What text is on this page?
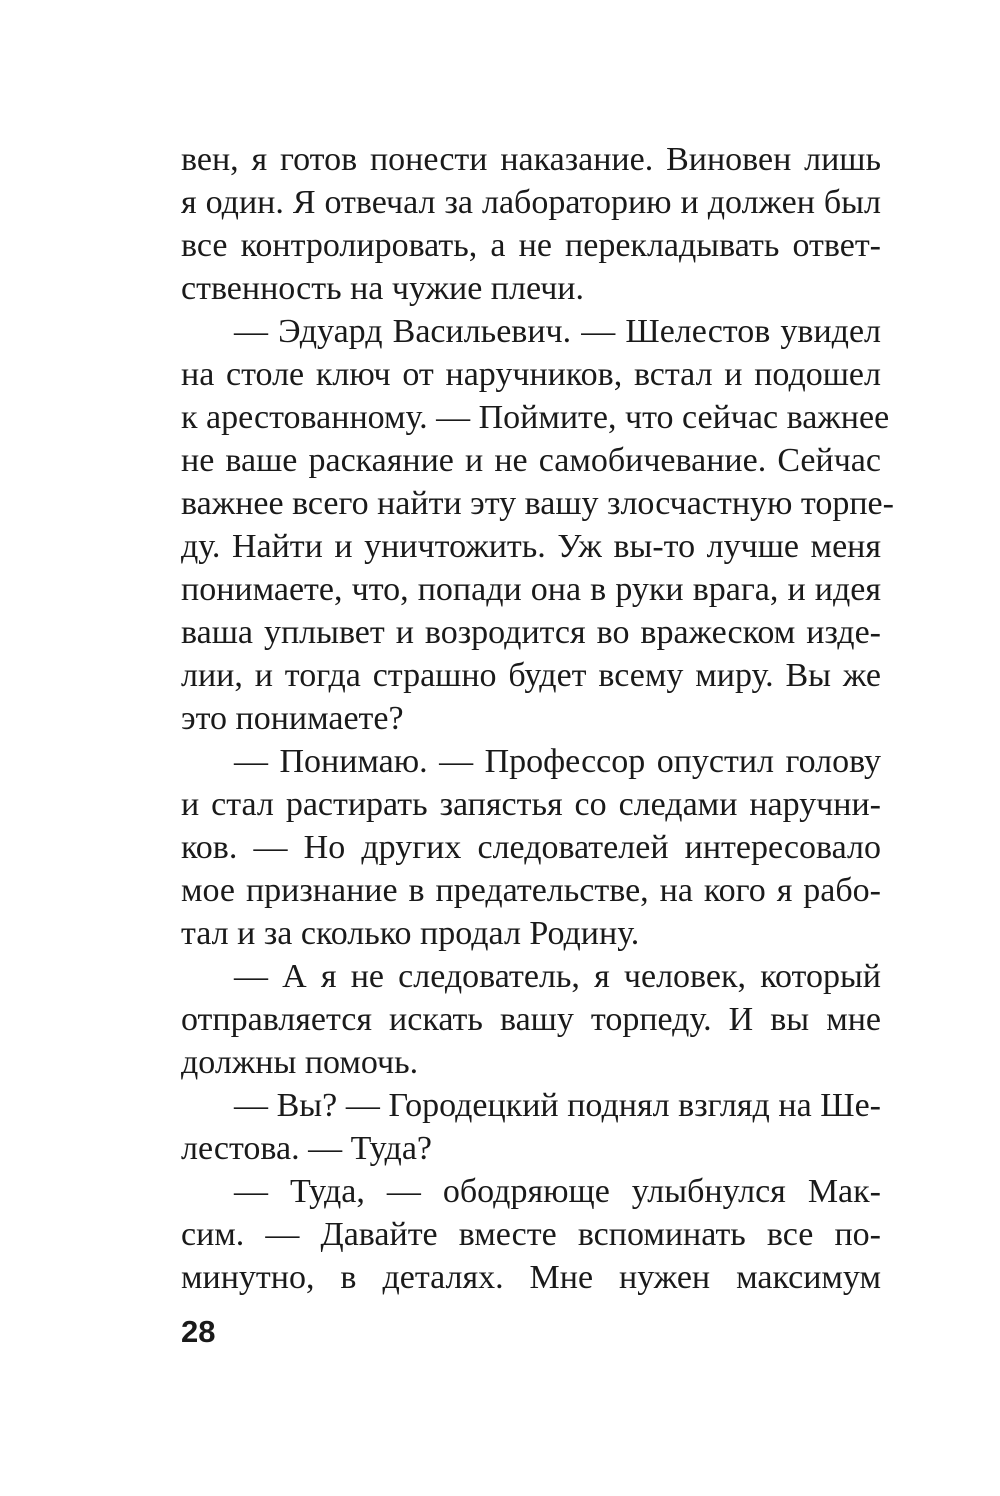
вен, я готов понести наказание. Виновен лишь
я один. Я отвечал за лабораторию и должен был
все контролировать, а не перекладывать ответ-
ственность на чужие плечи.
— Эдуард Васильевич. — Шелестов увидел
на столе ключ от наручников, встал и подошел
к арестованному. — Поймите, что сейчас важнее
не ваше раскаяние и не самобичевание. Сейчас
важнее всего найти эту вашу злосчастную торпе-
ду. Найти и уничтожить. Уж вы-то лучше меня
понимаете, что, попади она в руки врага, и идея
ваша уплывет и возродится во вражеском изде-
лии, и тогда страшно будет всему миру. Вы же
это понимаете?
— Понимаю. — Профессор опустил голову
и стал растирать запястья со следами наручни-
ков. — Но других следователей интересовало
мое признание в предательстве, на кого я рабо-
тал и за сколько продал Родину.
— А я не следователь, я человек, который
отправляется искать вашу торпеду. И вы мне
должны помочь.
— Вы? — Городецкий поднял взгляд на Ше-
лестова. — Туда?
— Туда, — ободряюще улыбнулся Мак-
сим. — Давайте вместе вспоминать все по-
минутно, в деталях. Мне нужен максимум
28
